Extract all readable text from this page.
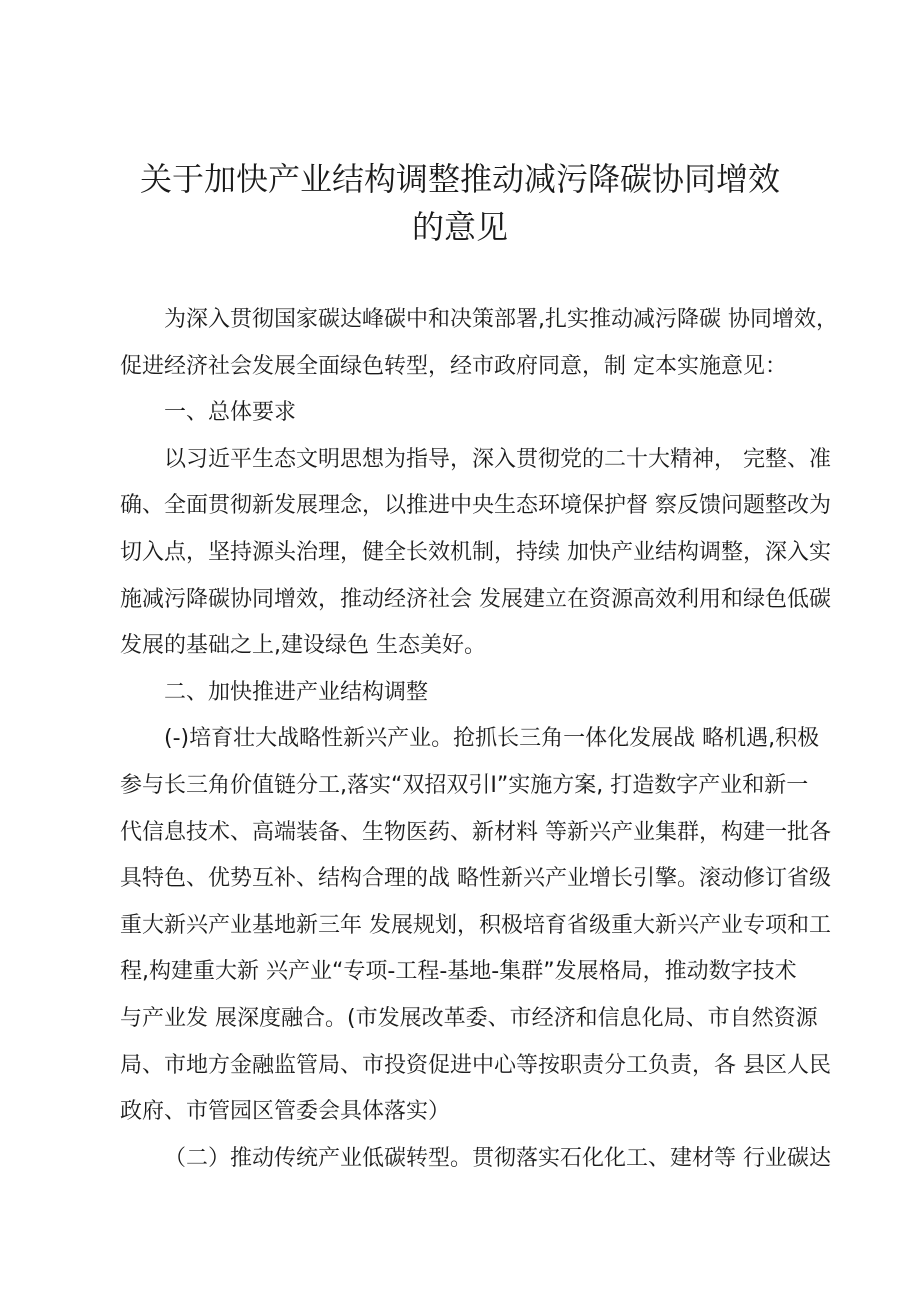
关于加快产业结构调整推动减污降碳协同增效
的意见
为深入贯彻国家碳达峰碳中和决策部署,扎实推动减污降碳 协同增效，
促进经济社会发展全面绿色转型，经市政府同意，制 定本实施意见：
一、总体要求
以习近平生态文明思想为指导，深入贯彻党的二十大精神， 完整、准
确、全面贯彻新发展理念，以推进中央生态环境保护督 察反馈问题整改为
切入点，坚持源头治理，健全长效机制，持续 加快产业结构调整，深入实
施减污降碳协同增效，推动经济社会 发展建立在资源高效利用和绿色低碳
发展的基础之上,建设绿色 生态美好。
二、加快推进产业结构调整
(-)培育壮大战略性新兴产业。抢抓长三角一体化发展战 略机遇,积极
参与长三角价值链分工,落实“双招双引I”实施方案, 打造数字产业和新一
代信息技术、高端装备、生物医药、新材料 等新兴产业集群，构建一批各
具特色、优势互补、结构合理的战 略性新兴产业增长引擎。滚动修订省级
重大新兴产业基地新三年 发展规划，积极培育省级重大新兴产业专项和工
程,构建重大新 兴产业“专项-工程-基地-集群”发展格局，推动数字技术
与产业发 展深度融合。(市发展改革委、市经济和信息化局、市自然资源
局、市地方金融监管局、市投资促进中心等按职责分工负责，各 县区人民
政府、市管园区管委会具体落实）
（二）推动传统产业低碳转型。贯彻落实石化化工、建材等 行业碳达
